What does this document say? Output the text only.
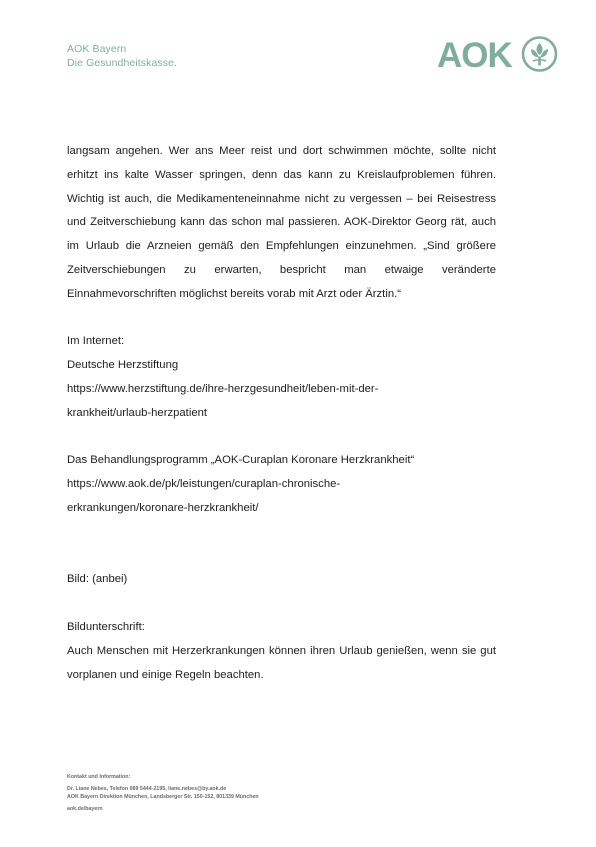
AOK Bayern
Die Gesundheitskasse.	AOK

langsam angehen. Wer ans Meer reist und dort schwimmen möchte, sollte nicht erhitzt ins kalte Wasser springen, denn das kann zu Kreislaufproblemen führen. Wichtig ist auch, die Medikamenteneinnahme nicht zu vergessen – bei Reisestress und Zeitverschiebung kann das schon mal passieren. AOK-Direktor Georg rät, auch im Urlaub die Arzneien gemäß den Empfehlungen einzunehmen. „Sind größere Zeitverschiebungen zu erwarten, bespricht man etwaige veränderte Einnahmevorschriften möglichst bereits vorab mit Arzt oder Ärztin.“

Im Internet:

Deutsche Herzstiftung

https://www.herzstiftung.de/ihre-herzgesundheit/leben-mit-der-

krankheit/urlaub-herzpatient

Das Behandlungsprogramm „AOK-Curaplan Koronare Herzkrankheit“

https://www.aok.de/pk/leistungen/curaplan-chronische-

erkrankungen/koronare-herzkrankheit/

Bild: (anbei)

Bildunterschrift:

Auch Menschen mit Herzerkrankungen können ihren Urlaub genießen, wenn sie gut vorplanen und einige Regeln beachten.

Kontakt und Information:
Dr. Liane Nebes, Telefon 089 5444-2195, liane.nebes@by.aok.de
AOK Bayern Direktion München, Landsberger Str. 150-152, 801339 München
aok.de/bayern
